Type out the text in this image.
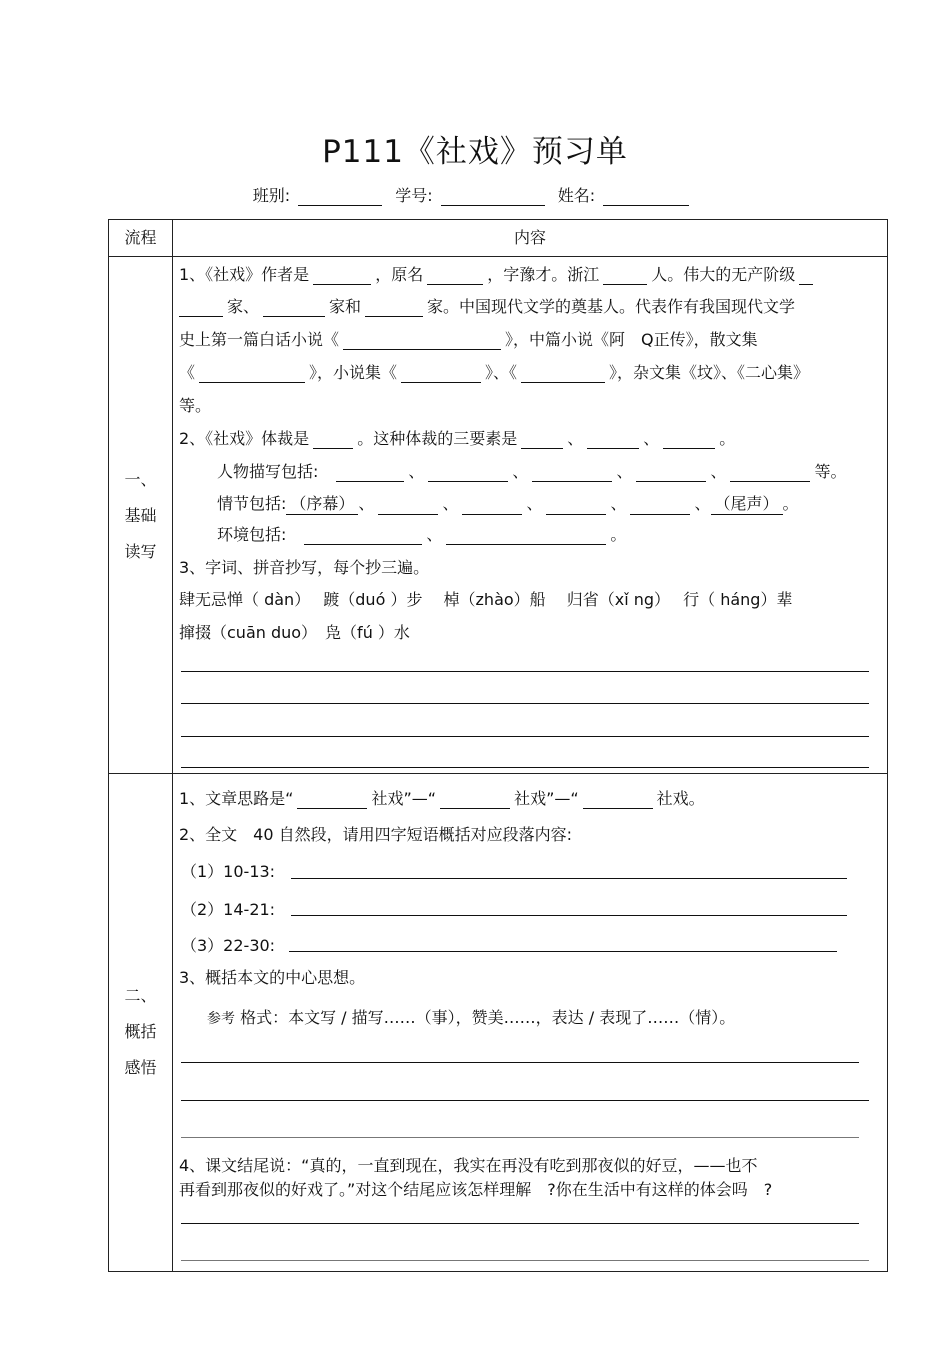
P111《社戏》预习单
班别:	学号:	姓名:
流程	内容
一、
基础
读写
1、《社戏》作者是	，原名	，字豫才。浙江	人。伟大的无产阶级
家、	家和	家。中国现代文学的奠基人。代表作有我国现代文学
史上第一篇白话小说《	》，中篇小说《阿　Q正传》，散文集
《	》，小说集《	》、《	》，杂文集《坟》、《二心集》
等。
2、《社戏》体裁是	。这种体裁的三要素是	、	、	。
人物描写包括:	、	、	、	、	等。
情节包括: （序幕） 、	、	、	、	、 （尾声） 。
环境包括:	、	。
3、字词、拼音抄写，每个抄三遍。
肆无忌惮（ dàn）　 踱（duó ）步　 棹（zhào）船　 归省（xǐ ng）　 行（ háng）辈
撺掇（cuān duo）　凫（fú ）水
二、
概括
感悟
1、文章思路是“	社戏”—“	社戏”—“	社戏。
2、全文　40 自然段，请用四字短语概括对应段落内容:
（1）10-13:
（2）14-21:
（3）22-30:
3、概括本文的中心思想。
参考 格式：本文写 / 描写……（事），赞美……，表达 / 表现了……（情）。
4、课文结尾说：“真的，一直到现在，我实在再没有吃到那夜似的好豆，——也不
再看到那夜似的好戏了。”对这个结尾应该怎样理解　?你在生活中有这样的体会吗　?
